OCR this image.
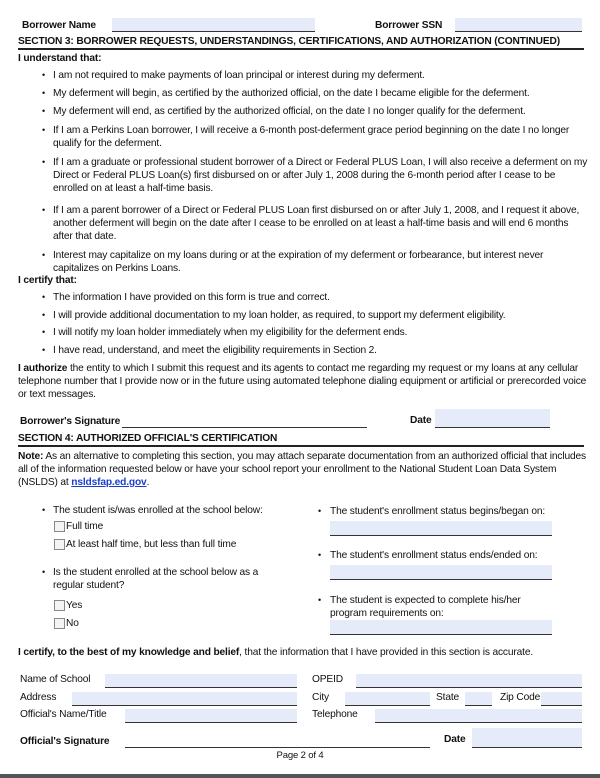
Borrower Name	Borrower SSN
SECTION 3: BORROWER REQUESTS, UNDERSTANDINGS, CERTIFICATIONS, AND AUTHORIZATION (CONTINUED)
I understand that:
• I am not required to make payments of loan principal or interest during my deferment.
• My deferment will begin, as certified by the authorized official, on the date I became eligible for the deferment.
• My deferment will end, as certified by the authorized official, on the date I no longer qualify for the deferment.
• If I am a Perkins Loan borrower, I will receive a 6-month post-deferment grace period beginning on the date I no longer qualify for the deferment.
• If I am a graduate or professional student borrower of a Direct or Federal PLUS Loan, I will also receive a deferment on my Direct or Federal PLUS Loan(s) first disbursed on or after July 1, 2008 during the 6-month period after I cease to be enrolled on at least a half-time basis.
• If I am a parent borrower of a Direct or Federal PLUS Loan first disbursed on or after July 1, 2008, and I request it above, another deferment will begin on the date after I cease to be enrolled on at least a half-time basis and will end 6 months after that date.
• Interest may capitalize on my loans during or at the expiration of my deferment or forbearance, but interest never capitalizes on Perkins Loans.
I certify that:
• The information I have provided on this form is true and correct.
• I will provide additional documentation to my loan holder, as required, to support my deferment eligibility.
• I will notify my loan holder immediately when my eligibility for the deferment ends.
• I have read, understand, and meet the eligibility requirements in Section 2.
I authorize the entity to which I submit this request and its agents to contact me regarding my request or my loans at any cellular telephone number that I provide now or in the future using automated telephone dialing equipment or artificial or prerecorded voice or text messages.
Borrower's Signature	Date
SECTION 4: AUTHORIZED OFFICIAL'S CERTIFICATION
Note: As an alternative to completing this section, you may attach separate documentation from an authorized official that includes all of the information requested below or have your school report your enrollment to the National Student Loan Data System (NSLDS) at nsldsfap.ed.gov.
• The student is/was enrolled at the school below:
Full time
At least half time, but less than full time
• Is the student enrolled at the school below as a regular student?
Yes
No
• The student's enrollment status begins/began on:
• The student's enrollment status ends/ended on:
• The student is expected to complete his/her program requirements on:
I certify, to the best of my knowledge and belief, that the information that I have provided in this section is accurate.
Name of School	OPEID
Address	City	State	Zip Code
Official's Name/Title	Telephone
Official's Signature	Date
Page 2 of 4
